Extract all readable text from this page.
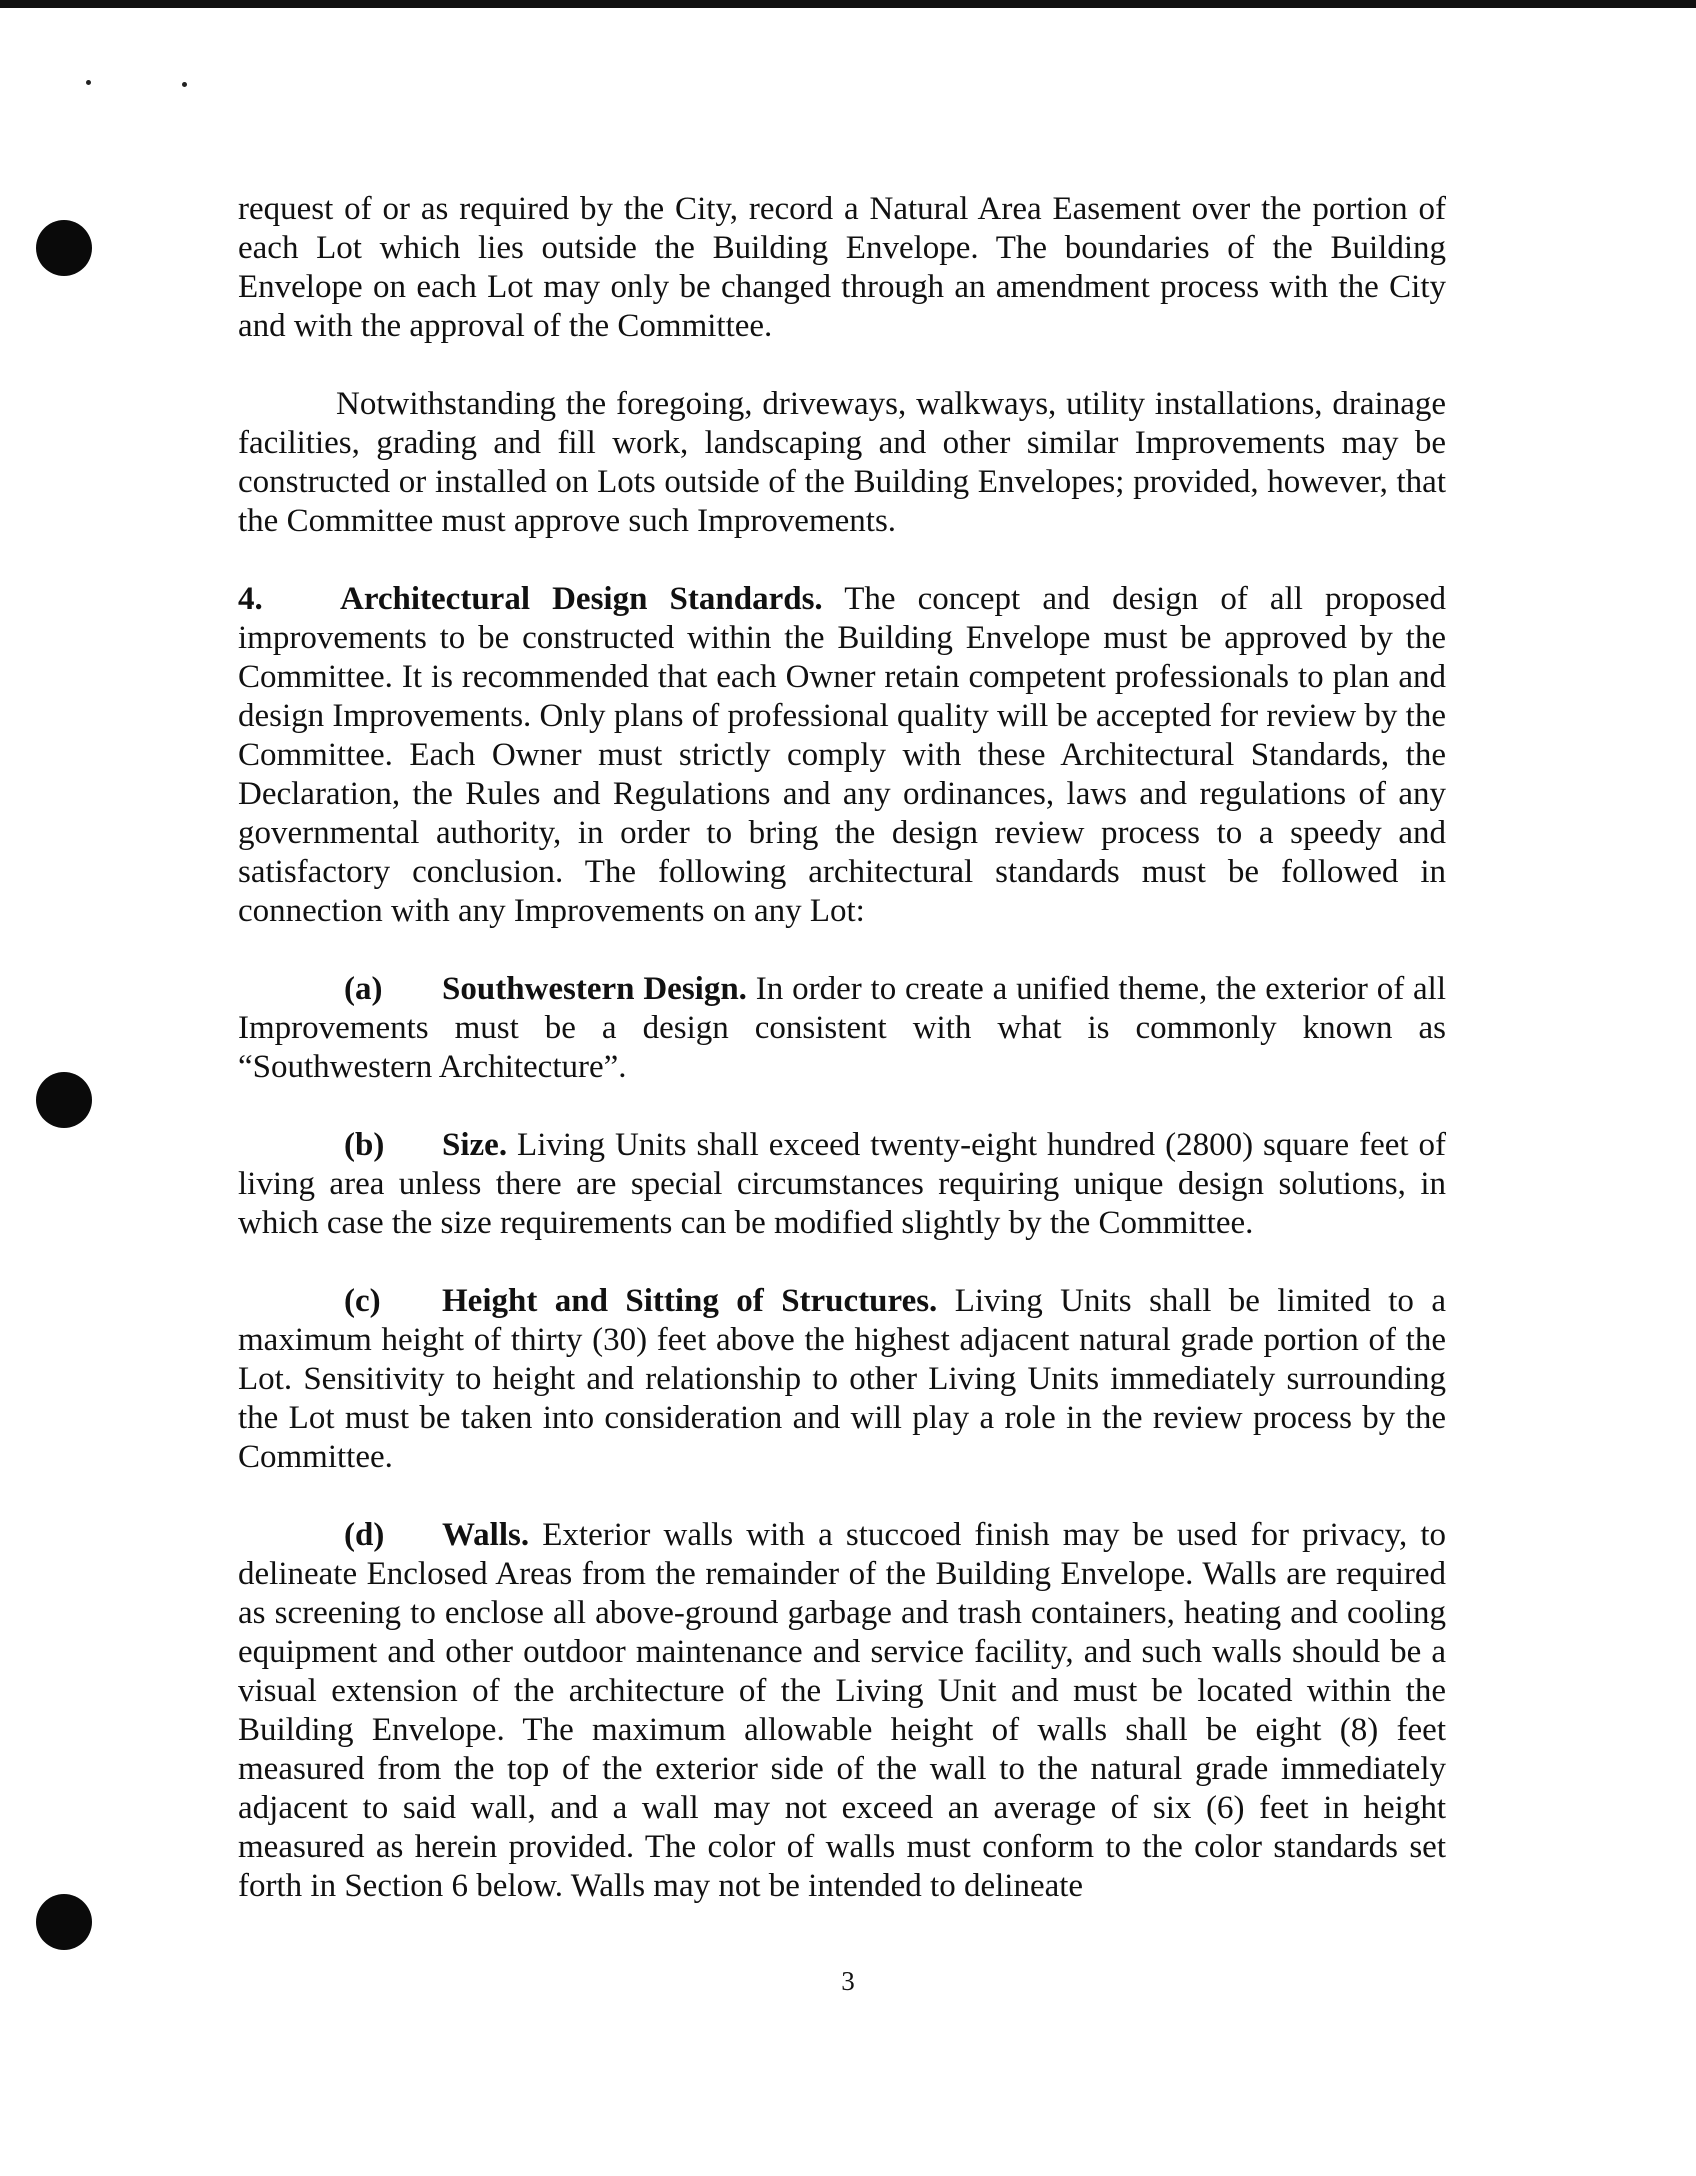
request of or as required by the City, record a Natural Area Easement over the portion of each Lot which lies outside the Building Envelope. The boundaries of the Building Envelope on each Lot may only be changed through an amendment process with the City and with the approval of the Committee.

Notwithstanding the foregoing, driveways, walkways, utility installations, drainage facilities, grading and fill work, landscaping and other similar Improvements may be constructed or installed on Lots outside of the Building Envelopes; provided, however, that the Committee must approve such Improvements.

4. Architectural Design Standards. The concept and design of all proposed improvements to be constructed within the Building Envelope must be approved by the Committee. It is recommended that each Owner retain competent professionals to plan and design Improvements. Only plans of professional quality will be accepted for review by the Committee. Each Owner must strictly comply with these Architectural Standards, the Declaration, the Rules and Regulations and any ordinances, laws and regulations of any governmental authority, in order to bring the design review process to a speedy and satisfactory conclusion. The following architectural standards must be followed in connection with any Improvements on any Lot:

(a) Southwestern Design. In order to create a unified theme, the exterior of all Improvements must be a design consistent with what is commonly known as “Southwestern Architecture”.

(b) Size. Living Units shall exceed twenty-eight hundred (2800) square feet of living area unless there are special circumstances requiring unique design solutions, in which case the size requirements can be modified slightly by the Committee.

(c) Height and Sitting of Structures. Living Units shall be limited to a maximum height of thirty (30) feet above the highest adjacent natural grade portion of the Lot. Sensitivity to height and relationship to other Living Units immediately surrounding the Lot must be taken into consideration and will play a role in the review process by the Committee.

(d) Walls. Exterior walls with a stuccoed finish may be used for privacy, to delineate Enclosed Areas from the remainder of the Building Envelope. Walls are required as screening to enclose all above-ground garbage and trash containers, heating and cooling equipment and other outdoor maintenance and service facility, and such walls should be a visual extension of the architecture of the Living Unit and must be located within the Building Envelope. The maximum allowable height of walls shall be eight (8) feet measured from the top of the exterior side of the wall to the natural grade immediately adjacent to said wall, and a wall may not exceed an average of six (6) feet in height measured as herein provided. The color of walls must conform to the color standards set forth in Section 6 below. Walls may not be intended to delineate

3
